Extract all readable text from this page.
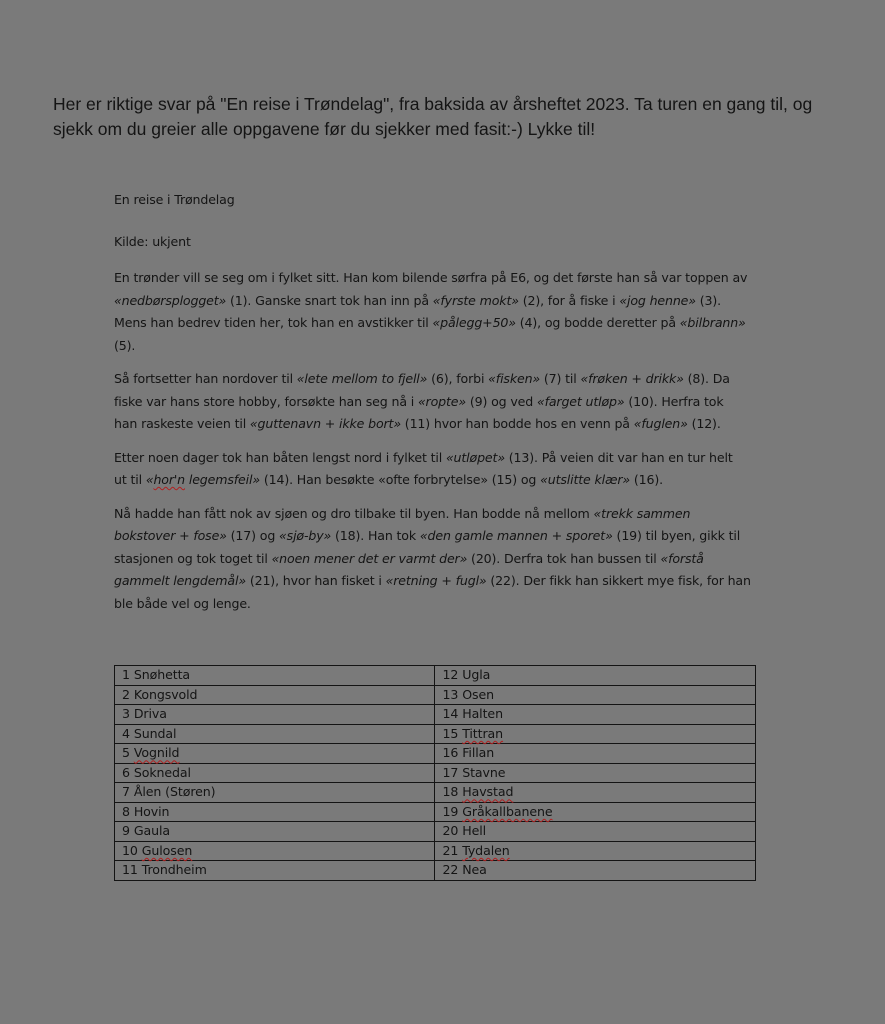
Her er riktige svar på "En reise i Trøndelag", fra baksida av årsheftet 2023. Ta turen en gang til, og
sjekk om du greier alle oppgavene før du sjekker med fasit:-) Lykke til!

En reise i Trøndelag

Kilde: ukjent

En trønder vill se seg om i fylket sitt. Han kom bilende sørfra på E6, og det første han så var toppen av
«nedbørsplogget» (1). Ganske snart tok han inn på «fyrste mokt» (2), for å fiske i «jog henne» (3).
Mens han bedrev tiden her, tok han en avstikker til «pålegg+50» (4), og bodde deretter på «bilbrann»
(5).

Så fortsetter han nordover til «lete mellom to fjell» (6), forbi «fisken» (7) til «frøken + drikk» (8). Da
fiske var hans store hobby, forsøkte han seg nå i «ropte» (9) og ved «farget utløp» (10). Herfra tok
han raskeste veien til «guttenavn + ikke bort» (11) hvor han bodde hos en venn på «fuglen» (12).

Etter noen dager tok han båten lengst nord i fylket til «utløpet» (13). På veien dit var han en tur helt
ut til «hor'n legemsfeil» (14). Han besøkte «ofte forbrytelse» (15) og «utslitte klær» (16).

Nå hadde han fått nok av sjøen og dro tilbake til byen. Han bodde nå mellom «trekk sammen
bokstover + fose» (17) og «sjø-by» (18). Han tok «den gamle mannen + sporet» (19) til byen, gikk til
stasjonen og tok toget til «noen mener det er varmt der» (20). Derfra tok han bussen til «forstå
gammelt lengdemål» (21), hvor han fisket i «retning + fugl» (22). Der fikk han sikkert mye fisk, for han
ble både vel og lenge.

1 Snøhetta	12 Ugla
2 Kongsvold	13 Osen
3 Driva	14 Halten
4 Sundal	15 Tittran
5 Vognild	16 Fillan
6 Soknedal	17 Stavne
7 Ålen (Støren)	18 Havstad
8 Hovin	19 Gråkallbanene
9 Gaula	20 Hell
10 Gulosen	21 Tydalen
11 Trondheim	22 Nea
